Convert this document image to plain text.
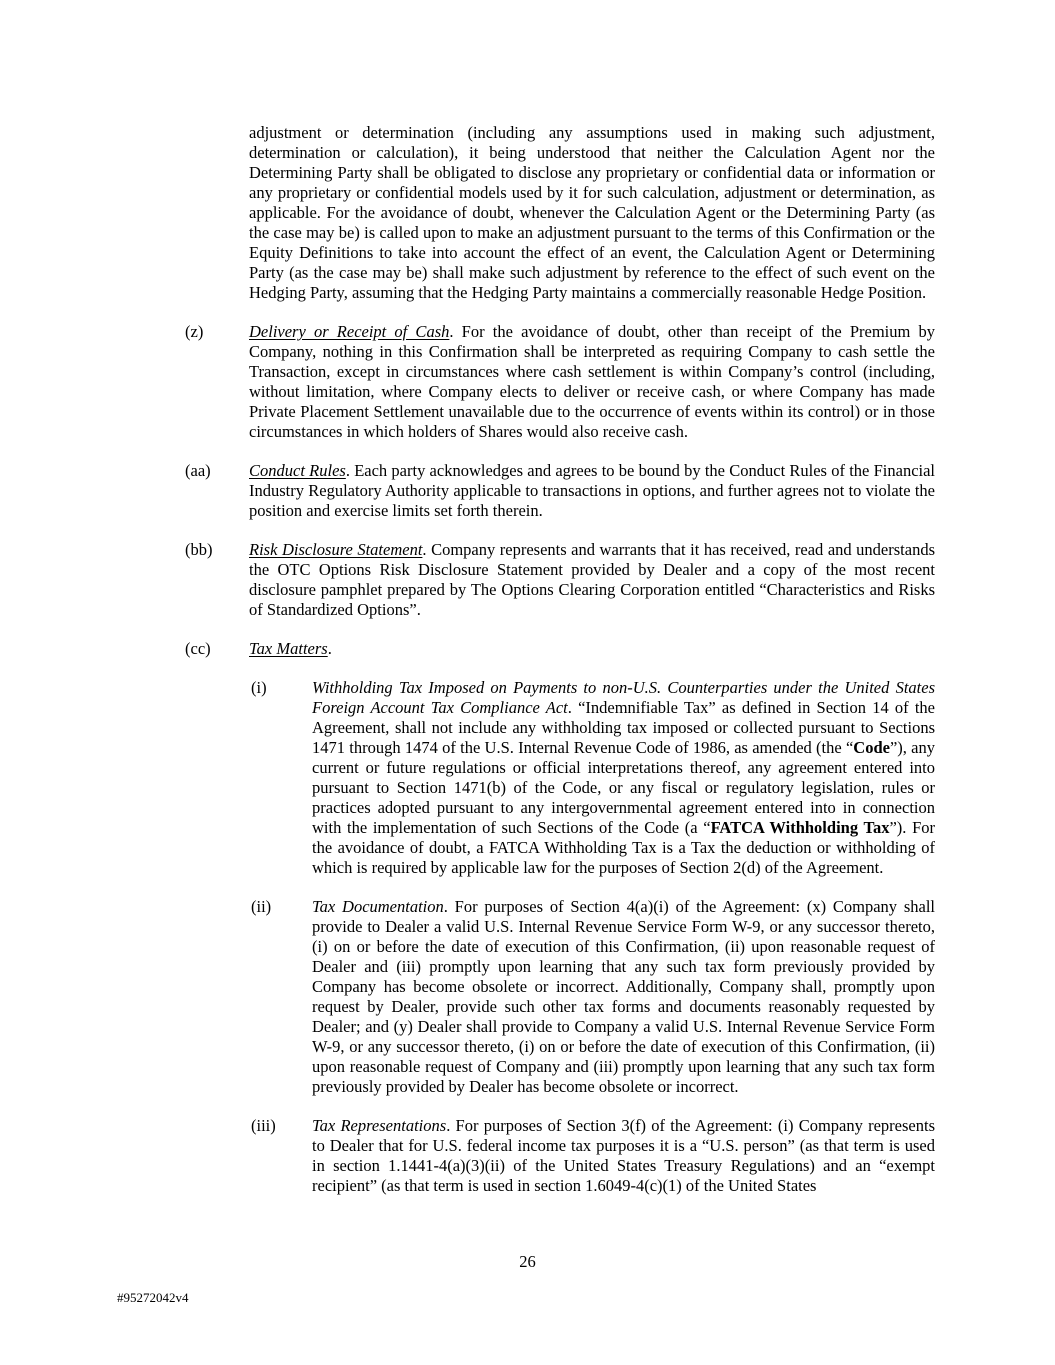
adjustment or determination (including any assumptions used in making such adjustment, determination or calculation), it being understood that neither the Calculation Agent nor the Determining Party shall be obligated to disclose any proprietary or confidential data or information or any proprietary or confidential models used by it for such calculation, adjustment or determination, as applicable. For the avoidance of doubt, whenever the Calculation Agent or the Determining Party (as the case may be) is called upon to make an adjustment pursuant to the terms of this Confirmation or the Equity Definitions to take into account the effect of an event, the Calculation Agent or Determining Party (as the case may be) shall make such adjustment by reference to the effect of such event on the Hedging Party, assuming that the Hedging Party maintains a commercially reasonable Hedge Position.
(z)	Delivery or Receipt of Cash. For the avoidance of doubt, other than receipt of the Premium by Company, nothing in this Confirmation shall be interpreted as requiring Company to cash settle the Transaction, except in circumstances where cash settlement is within Company’s control (including, without limitation, where Company elects to deliver or receive cash, or where Company has made Private Placement Settlement unavailable due to the occurrence of events within its control) or in those circumstances in which holders of Shares would also receive cash.
(aa)	Conduct Rules. Each party acknowledges and agrees to be bound by the Conduct Rules of the Financial Industry Regulatory Authority applicable to transactions in options, and further agrees not to violate the position and exercise limits set forth therein.
(bb)	Risk Disclosure Statement. Company represents and warrants that it has received, read and understands the OTC Options Risk Disclosure Statement provided by Dealer and a copy of the most recent disclosure pamphlet prepared by The Options Clearing Corporation entitled “Characteristics and Risks of Standardized Options”.
(cc)	Tax Matters.
(i)	Withholding Tax Imposed on Payments to non-U.S. Counterparties under the United States Foreign Account Tax Compliance Act. “Indemnifiable Tax” as defined in Section 14 of the Agreement, shall not include any withholding tax imposed or collected pursuant to Sections 1471 through 1474 of the U.S. Internal Revenue Code of 1986, as amended (the “Code”), any current or future regulations or official interpretations thereof, any agreement entered into pursuant to Section 1471(b) of the Code, or any fiscal or regulatory legislation, rules or practices adopted pursuant to any intergovernmental agreement entered into in connection with the implementation of such Sections of the Code (a “FATCA Withholding Tax”). For the avoidance of doubt, a FATCA Withholding Tax is a Tax the deduction or withholding of which is required by applicable law for the purposes of Section 2(d) of the Agreement.
(ii)	Tax Documentation. For purposes of Section 4(a)(i) of the Agreement: (x) Company shall provide to Dealer a valid U.S. Internal Revenue Service Form W-9, or any successor thereto, (i) on or before the date of execution of this Confirmation, (ii) upon reasonable request of Dealer and (iii) promptly upon learning that any such tax form previously provided by Company has become obsolete or incorrect. Additionally, Company shall, promptly upon request by Dealer, provide such other tax forms and documents reasonably requested by Dealer; and (y) Dealer shall provide to Company a valid U.S. Internal Revenue Service Form W-9, or any successor thereto, (i) on or before the date of execution of this Confirmation, (ii) upon reasonable request of Company and (iii) promptly upon learning that any such tax form previously provided by Dealer has become obsolete or incorrect.
(iii)	Tax Representations. For purposes of Section 3(f) of the Agreement: (i) Company represents to Dealer that for U.S. federal income tax purposes it is a “U.S. person” (as that term is used in section 1.1441-4(a)(3)(ii) of the United States Treasury Regulations) and an “exempt recipient” (as that term is used in section 1.6049-4(c)(1) of the United States
26
#95272042v4
